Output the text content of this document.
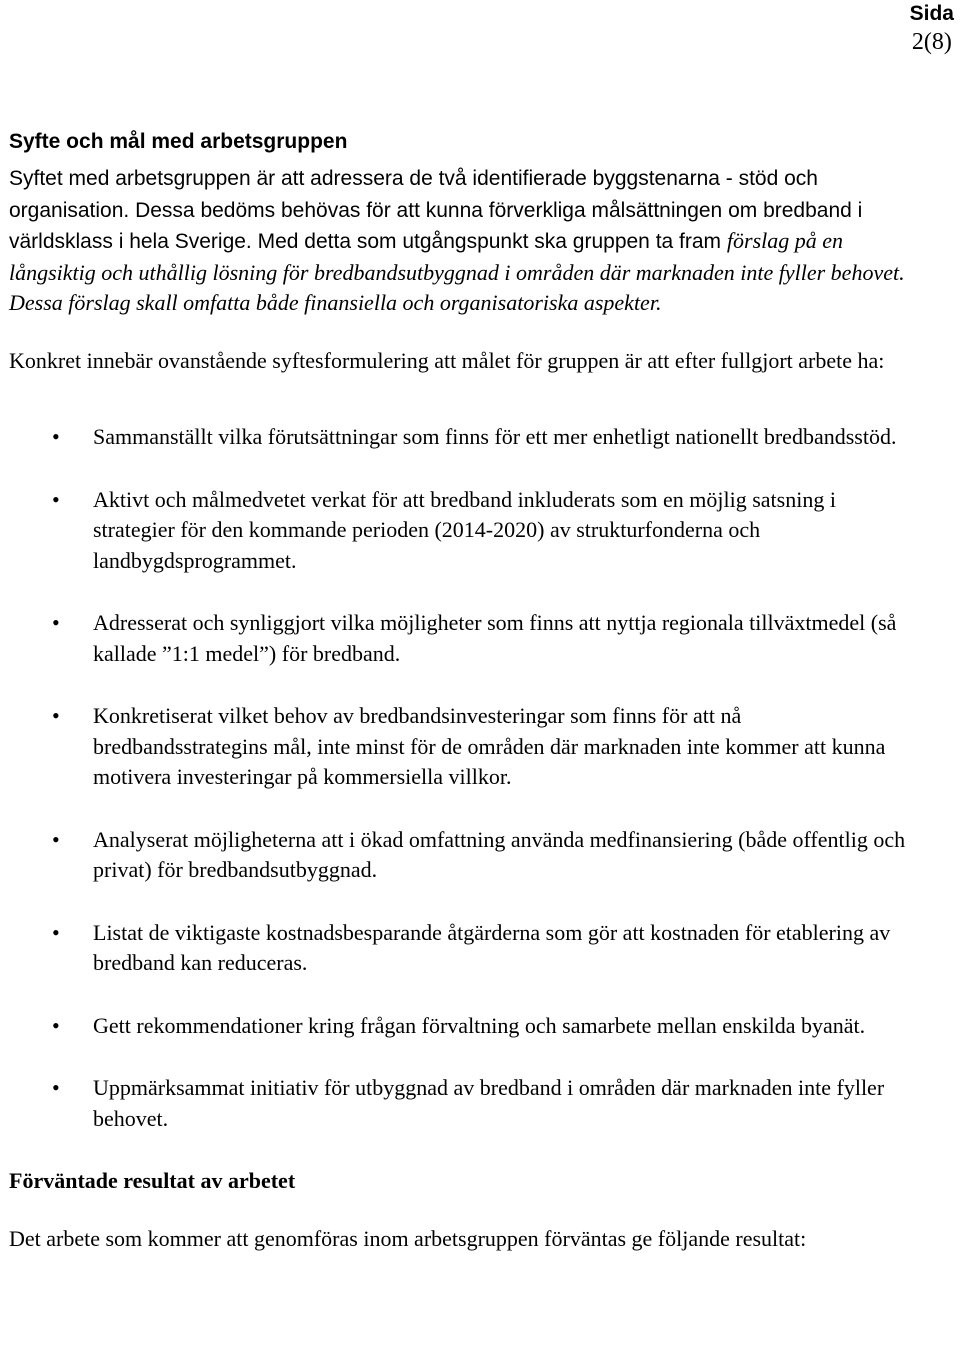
Sida
2(8)
Syfte och mål med arbetsgruppen

Syftet med arbetsgruppen är att adressera de två identifierade byggstenarna - stöd och organisation. Dessa bedöms behövas för att kunna förverkliga målsättningen om bredband i världsklass i hela Sverige. Med detta som utgångspunkt ska gruppen ta fram förslag på en långsiktig och uthållig lösning för bredbandsutbyggnad i områden där marknaden inte fyller behovet. Dessa förslag skall omfatta både finansiella och organisatoriska aspekter.

Konkret innebär ovanstående syftesformulering att målet för gruppen är att efter fullgjort arbete ha:

• Sammanställt vilka förutsättningar som finns för ett mer enhetligt nationellt bredbandsstöd.
• Aktivt och målmedvetet verkat för att bredband inkluderats som en möjlig satsning i strategier för den kommande perioden (2014-2020) av strukturfonderna och landbygdsprogrammet.
• Adresserat och synliggjort vilka möjligheter som finns att nyttja regionala tillväxtmedel (så kallade ”1:1 medel”) för bredband.
• Konkretiserat vilket behov av bredbandsinvesteringar som finns för att nå bredbandsstrategins mål, inte minst för de områden där marknaden inte kommer att kunna motivera investeringar på kommersiella villkor.
• Analyserat möjligheterna att i ökad omfattning använda medfinansiering (både offentlig och privat) för bredbandsutbyggnad.
• Listat de viktigaste kostnadsbesparande åtgärderna som gör att kostnaden för etablering av bredband kan reduceras.
• Gett rekommendationer kring frågan förvaltning och samarbete mellan enskilda byanät.
• Uppmärksammat initiativ för utbyggnad av bredband i områden där marknaden inte fyller behovet.
Förväntade resultat av arbetet

Det arbete som kommer att genomföras inom arbetsgruppen förväntas ge följande resultat:
